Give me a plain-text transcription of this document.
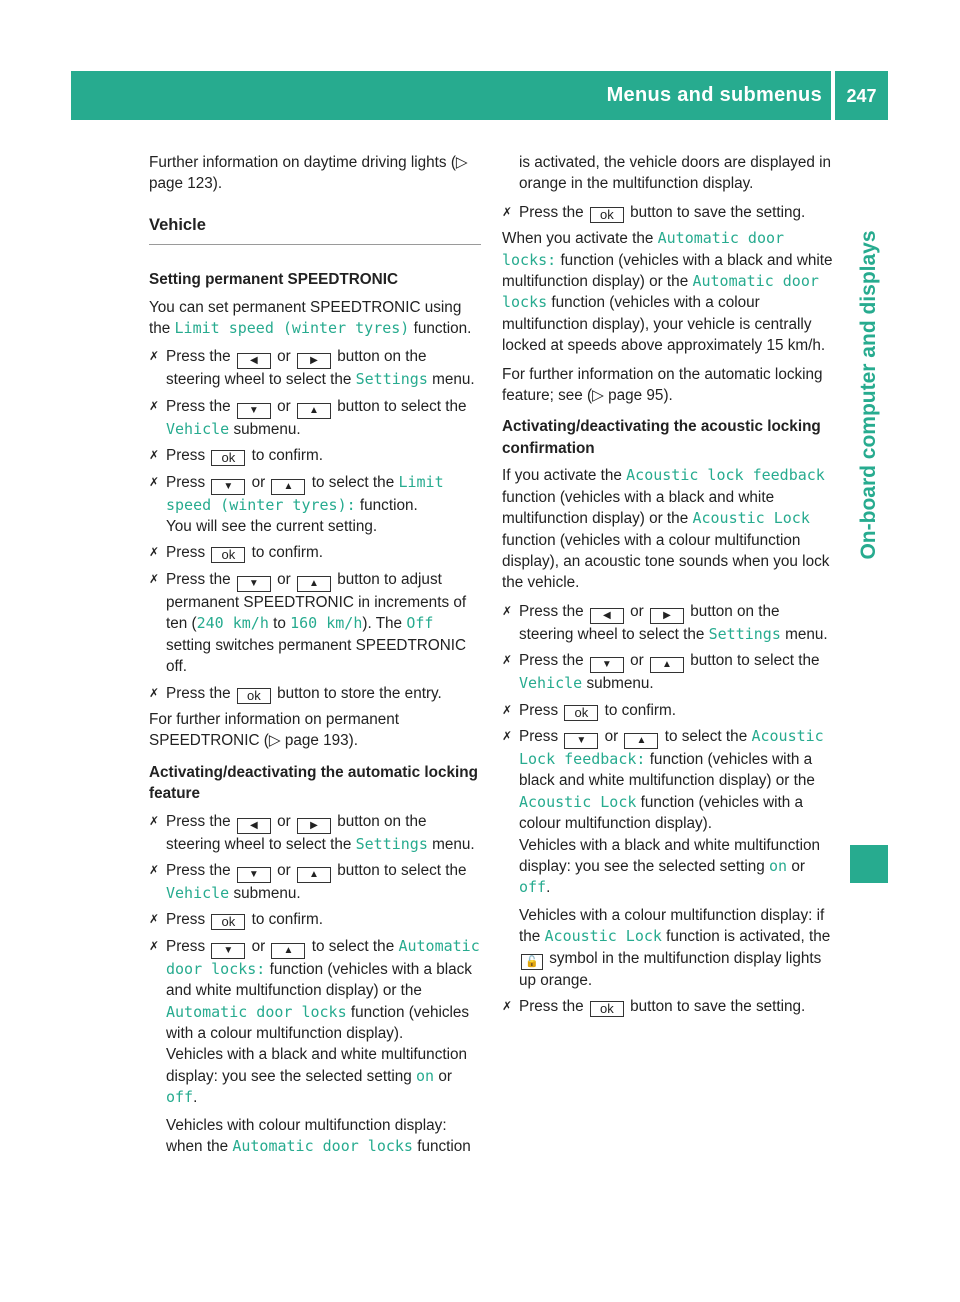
Menus and submenus	247
On-board computer and displays

Further information on daytime driving lights (▷ page 123).

Vehicle

Setting permanent SPEEDTRONIC

You can set permanent SPEEDTRONIC using the Limit speed (winter tyres) function.

✗ Press the ◀ or ▶ button on the steering wheel to select the Settings menu.
✗ Press the ▼ or ▲ button to select the Vehicle submenu.
✗ Press ok to confirm.
✗ Press ▼ or ▲ to select the Limit speed (winter tyres): function.
You will see the current setting.
✗ Press ok to confirm.
✗ Press the ▼ or ▲ button to adjust permanent SPEEDTRONIC in increments of ten (240 km/h to 160 km/h). The Off setting switches permanent SPEEDTRONIC off.
✗ Press the ok button to store the entry.

For further information on permanent SPEEDTRONIC (▷ page 193).

Activating/deactivating the automatic locking feature

✗ Press the ◀ or ▶ button on the steering wheel to select the Settings menu.
✗ Press the ▼ or ▲ button to select the Vehicle submenu.
✗ Press ok to confirm.
✗ Press ▼ or ▲ to select the Automatic door locks: function (vehicles with a black and white multifunction display) or the Automatic door locks function (vehicles with a colour multifunction display).
Vehicles with a black and white multifunction display: you see the selected setting on or off.

Vehicles with colour multifunction display: when the Automatic door locks function

is activated, the vehicle doors are displayed in orange in the multifunction display.

✗ Press the ok button to save the setting.

When you activate the Automatic door locks: function (vehicles with a black and white multifunction display) or the Automatic door locks function (vehicles with a colour multifunction display), your vehicle is centrally locked at speeds above approximately 15 km/h.

For further information on the automatic locking feature; see (▷ page 95).

Activating/deactivating the acoustic locking confirmation

If you activate the Acoustic lock feedback function (vehicles with a black and white multifunction display) or the Acoustic Lock function (vehicles with a colour multifunction display), an acoustic tone sounds when you lock the vehicle.

✗ Press the ◀ or ▶ button on the steering wheel to select the Settings menu.
✗ Press the ▼ or ▲ button to select the Vehicle submenu.
✗ Press ok to confirm.
✗ Press ▼ or ▲ to select the Acoustic Lock feedback: function (vehicles with a black and white multifunction display) or the Acoustic Lock function (vehicles with a colour multifunction display).
Vehicles with a black and white multifunction display: you see the selected setting on or off.

Vehicles with a colour multifunction display: if the Acoustic Lock function is activated, the 🔓 symbol in the multifunction display lights up orange.
✗ Press the ok button to save the setting.
